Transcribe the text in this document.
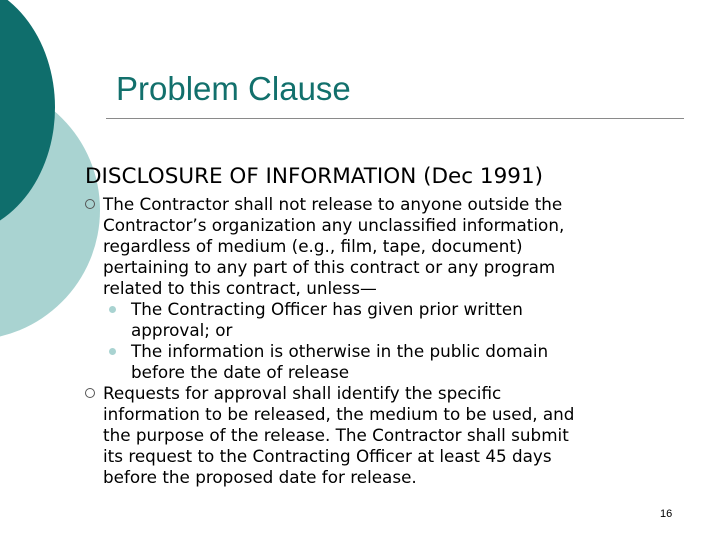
Problem Clause
DISCLOSURE OF INFORMATION (Dec 1991)
The Contractor shall not release to anyone outside the
Contractor’s organization any unclassified information,
regardless of medium (e.g., film, tape, document)
pertaining to any part of this contract or any program
related to this contract, unless—
The Contracting Officer has given prior written
approval; or
The information is otherwise in the public domain
before the date of release
Requests for approval shall identify the specific
information to be released, the medium to be used, and
the purpose of the release. The Contractor shall submit
its request to the Contracting Officer at least 45 days
before the proposed date for release.
16
